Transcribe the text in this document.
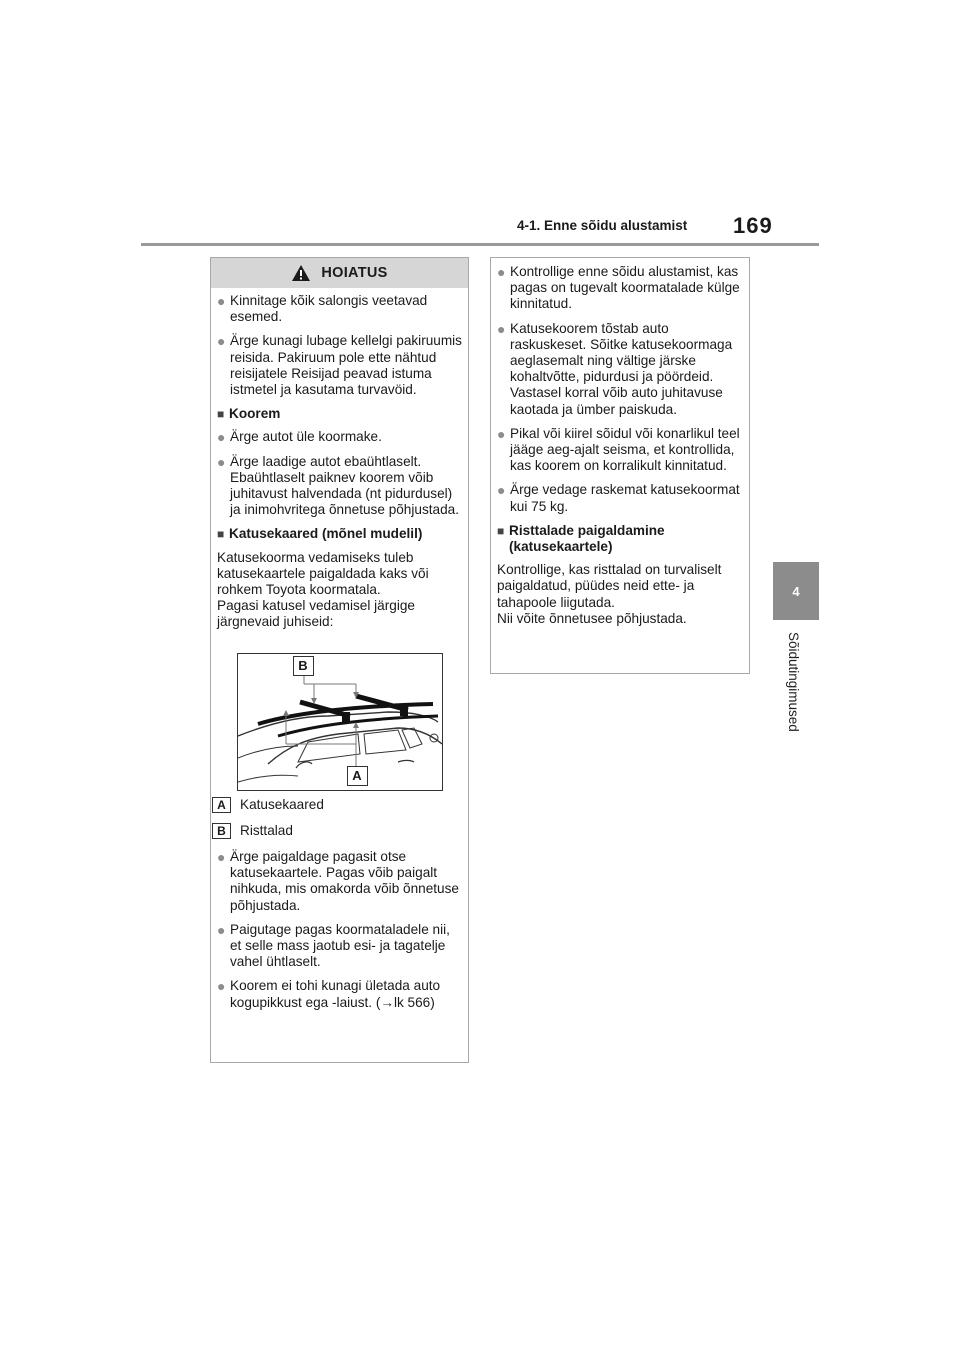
4-1. Enne sõidu alustamist 169
4
Sõidutingimused
HOIATUS
● Kinnitage kõik salongis veetavad esemed.
● Ärge kunagi lubage kellelgi pakiruumis reisida. Pakiruum pole ette nähtud reisijatele Reisijad peavad istuma istmetel ja kasutama turvavöid.
■ Koorem
● Ärge autot üle koormake.
● Ärge laadige autot ebaühtlaselt. Ebaühtlaselt paiknev koorem võib juhitavust halvendada (nt pidurdusel) ja inimohvritega õnnetuse põhjustada.
■ Katusekaared (mõnel mudelil)

Katusekoorma vedamiseks tuleb katusekaartele paigaldada kaks või rohkem Toyota koormatala.

Pagasi katusel vedamisel järgige järgnevaid juhiseid:

B
A
A	Katusekaared
B	Risttalad
● Ärge paigaldage pagasit otse katusekaartele. Pagas võib paigalt nihkuda, mis omakorda võib õnnetuse põhjustada.
● Paigutage pagas koormataladele nii, et selle mass jaotub esi- ja tagatelje vahel ühtlaselt.
● Koorem ei tohi kunagi ületada auto kogupikkust ega -laiust. (→lk 566)
● Kontrollige enne sõidu alustamist, kas pagas on tugevalt koormatalade külge kinnitatud.
● Katusekoorem tõstab auto raskuskeset. Sõitke katusekoormaga aeglasemalt ning vältige järske kohaltvõtte, pidurdusi ja pöördeid. Vastasel korral võib auto juhitavuse kaotada ja ümber paiskuda.
● Pikal või kiirel sõidul või konarlikul teel jääge aeg-ajalt seisma, et kontrollida, kas koorem on korralikult kinnitatud.
● Ärge vedage raskemat katusekoormat kui 75 kg.
■ Risttalade paigaldamine (katusekaartele)

Kontrollige, kas risttalad on turvaliselt paigaldatud, püüdes neid ette- ja tahapoole liigutada.

Nii võite õnnetusee põhjustada.
